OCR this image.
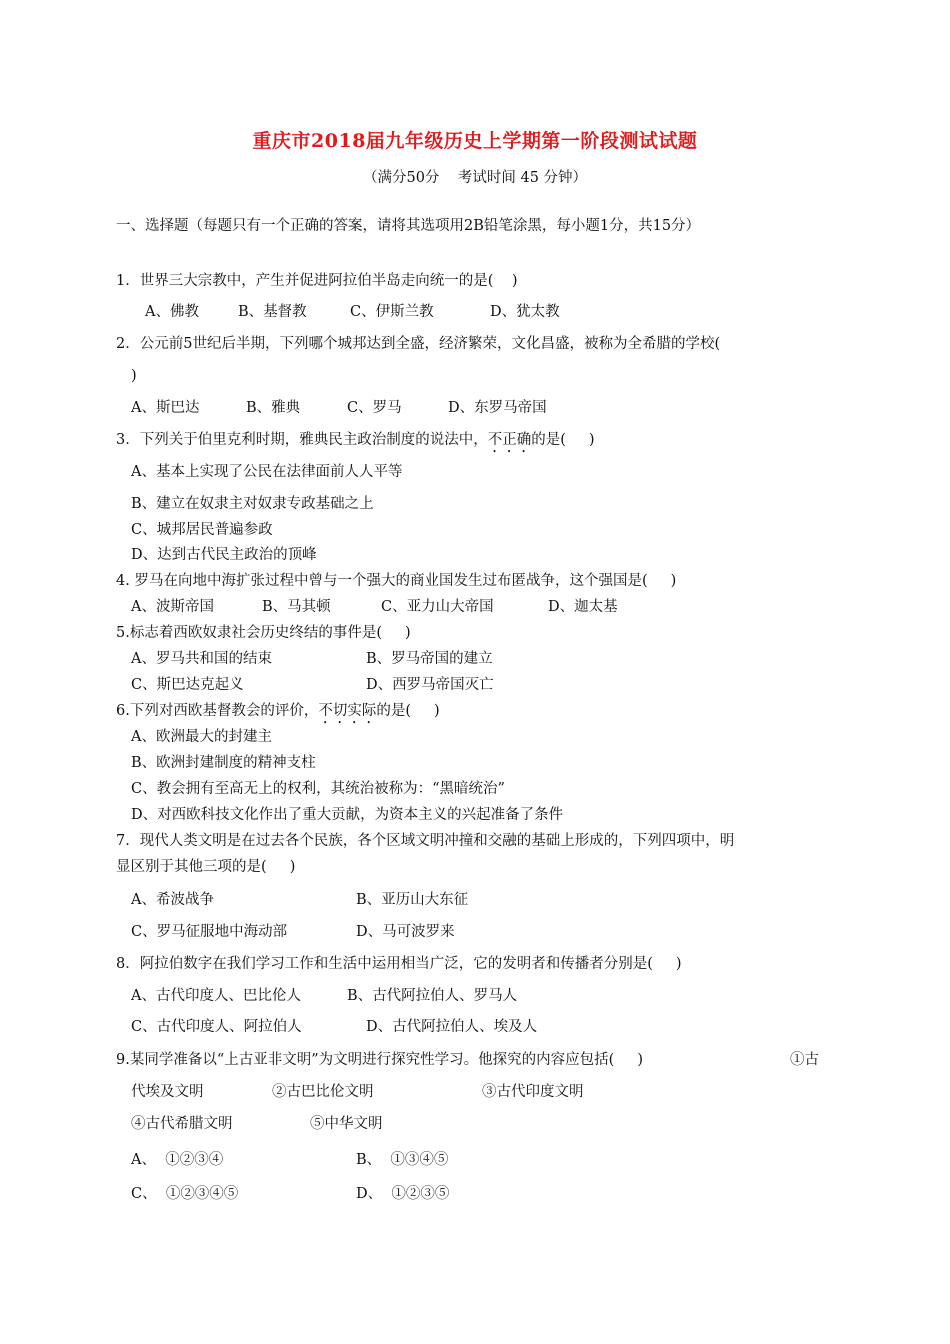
重庆市2018届九年级历史上学期第一阶段测试试题
（满分50分    考试时间 45 分钟）
一、选择题（每题只有一个正确的答案，请将其选项用2B铅笔涂黑，每小题1分，共15分）
1．世界三大宗教中，产生并促进阿拉伯半岛走向统一的是(    )
A、佛教	B、基督教	C、伊斯兰教	D、犹太教
2．公元前5世纪后半期，下列哪个城邦达到全盛，经济繁荣，文化昌盛，被称为全希腊的学校(
)
A、斯巴达	B、雅典	C、罗马	D、东罗马帝国
3．下列关于伯里克利时期，雅典民主政治制度的说法中，不正确的是(     )
A、基本上实现了公民在法律面前人人平等
B、建立在奴隶主对奴隶专政基础之上
C、城邦居民普遍参政
D、达到古代民主政治的顶峰
4. 罗马在向地中海扩张过程中曾与一个强大的商业国发生过布匿战争，这个强国是(     )
A、波斯帝国	B、马其顿	C、亚力山大帝国	D、迦太基
5.标志着西欧奴隶社会历史终结的事件是(     )
A、罗马共和国的结束	B、罗马帝国的建立
C、斯巴达克起义	D、西罗马帝国灭亡
6.下列对西欧基督教会的评价，不切实际的是(     )
A、欧洲最大的封建主
B、欧洲封建制度的精神支柱
C、教会拥有至高无上的权利，其统治被称为：“黑暗统治”
D、对西欧科技文化作出了重大贡献，为资本主义的兴起准备了条件
7．现代人类文明是在过去各个民族，各个区域文明冲撞和交融的基础上形成的，下列四项中，明
显区别于其他三项的是(     )
A、希波战争	B、亚历山大东征
C、罗马征服地中海动部	D、马可波罗来
8．阿拉伯数字在我们学习工作和生活中运用相当广泛，它的发明者和传播者分别是(     )
A、古代印度人、巴比伦人	B、古代阿拉伯人、罗马人
C、古代印度人、阿拉伯人	D、古代阿拉伯人、埃及人
9.某同学准备以“上古亚非文明”为文明进行探究性学习。他探究的内容应包括(     )	①古
代埃及文明	②古巴比伦文明	③古代印度文明
④古代希腊文明	⑤中华文明
A、  ①②③④	B、  ①③④⑤
C、  ①②③④⑤	D、  ①②③⑤
